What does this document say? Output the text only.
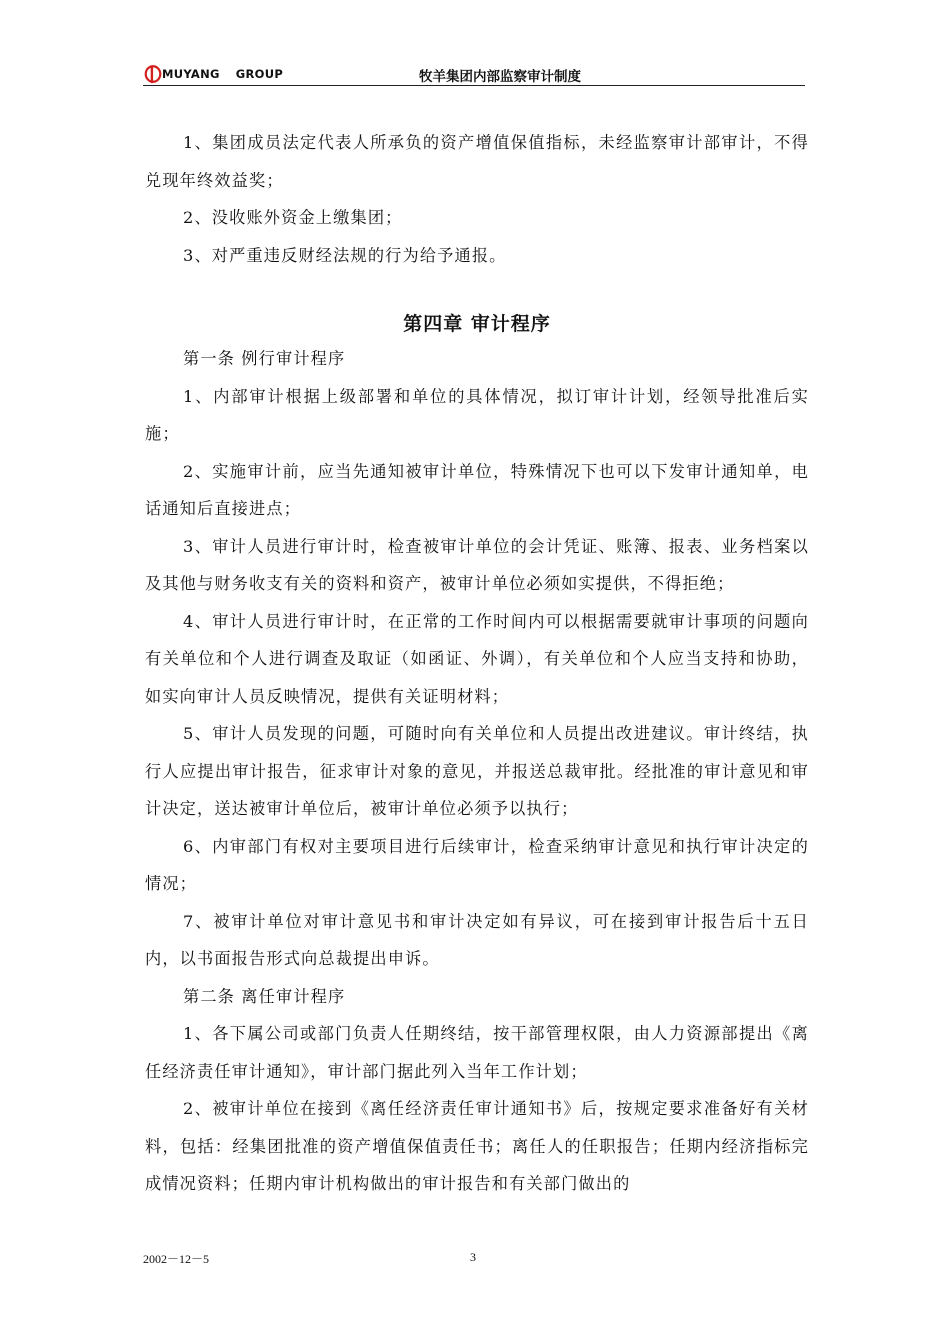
MUYANG GROUP	牧羊集团内部监察审计制度

1、集团成员法定代表人所承负的资产增值保值指标，未经监察审计部审计，不得兑现年终效益奖；

2、没收账外资金上缴集团；

3、对严重违反财经法规的行为给予通报。

第四章 审计程序

第一条 例行审计程序

1、内部审计根据上级部署和单位的具体情况，拟订审计计划，经领导批准后实施；

2、实施审计前，应当先通知被审计单位，特殊情况下也可以下发审计通知单，电话通知后直接进点；

3、审计人员进行审计时，检查被审计单位的会计凭证、账簿、报表、业务档案以及其他与财务收支有关的资料和资产，被审计单位必须如实提供，不得拒绝；

4、审计人员进行审计时，在正常的工作时间内可以根据需要就审计事项的问题向有关单位和个人进行调查及取证（如函证、外调），有关单位和个人应当支持和协助，如实向审计人员反映情况，提供有关证明材料；

5、审计人员发现的问题，可随时向有关单位和人员提出改进建议。审计终结，执行人应提出审计报告，征求审计对象的意见，并报送总裁审批。经批准的审计意见和审计决定，送达被审计单位后，被审计单位必须予以执行；

6、内审部门有权对主要项目进行后续审计，检查采纳审计意见和执行审计决定的情况；

7、被审计单位对审计意见书和审计决定如有异议，可在接到审计报告后十五日内，以书面报告形式向总裁提出申诉。

第二条 离任审计程序

1、各下属公司或部门负责人任期终结，按干部管理权限，由人力资源部提出《离任经济责任审计通知》，审计部门据此列入当年工作计划；

2、被审计单位在接到《离任经济责任审计通知书》后，按规定要求准备好有关材料，包括：经集团批准的资产增值保值责任书；离任人的任职报告；任期内经济指标完成情况资料；任期内审计机构做出的审计报告和有关部门做出的

2002－12－5	3
